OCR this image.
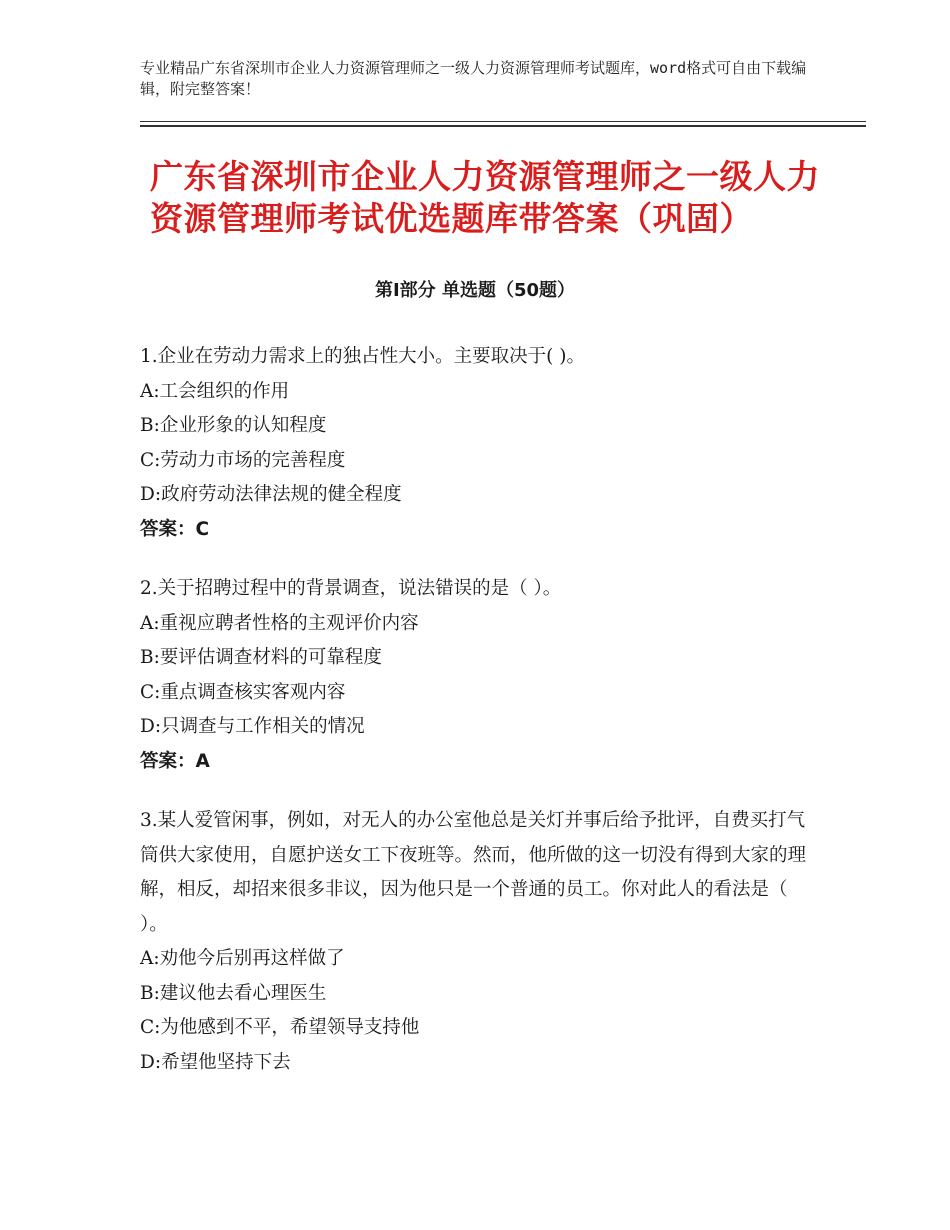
专业精品广东省深圳市企业人力资源管理师之一级人力资源管理师考试题库，word格式可自由下载编辑，附完整答案！
广东省深圳市企业人力资源管理师之一级人力资源管理师考试优选题库带答案（巩固）
第Ⅰ部分 单选题（50题）
1.企业在劳动力需求上的独占性大小。主要取决于( )。
A:工会组织的作用
B:企业形象的认知程度
C:劳动力市场的完善程度
D:政府劳动法律法规的健全程度
答案：C
2.关于招聘过程中的背景调查，说法错误的是（ ）。
A:重视应聘者性格的主观评价内容
B:要评估调查材料的可靠程度
C:重点调查核实客观内容
D:只调查与工作相关的情况
答案：A
3.某人爱管闲事，例如，对无人的办公室他总是关灯并事后给予批评，自费买打气筒供大家使用，自愿护送女工下夜班等。然而，他所做的这一切没有得到大家的理解，相反，却招来很多非议，因为他只是一个普通的员工。你对此人的看法是（ ）。
A:劝他今后别再这样做了
B:建议他去看心理医生
C:为他感到不平，希望领导支持他
D:希望他坚持下去
